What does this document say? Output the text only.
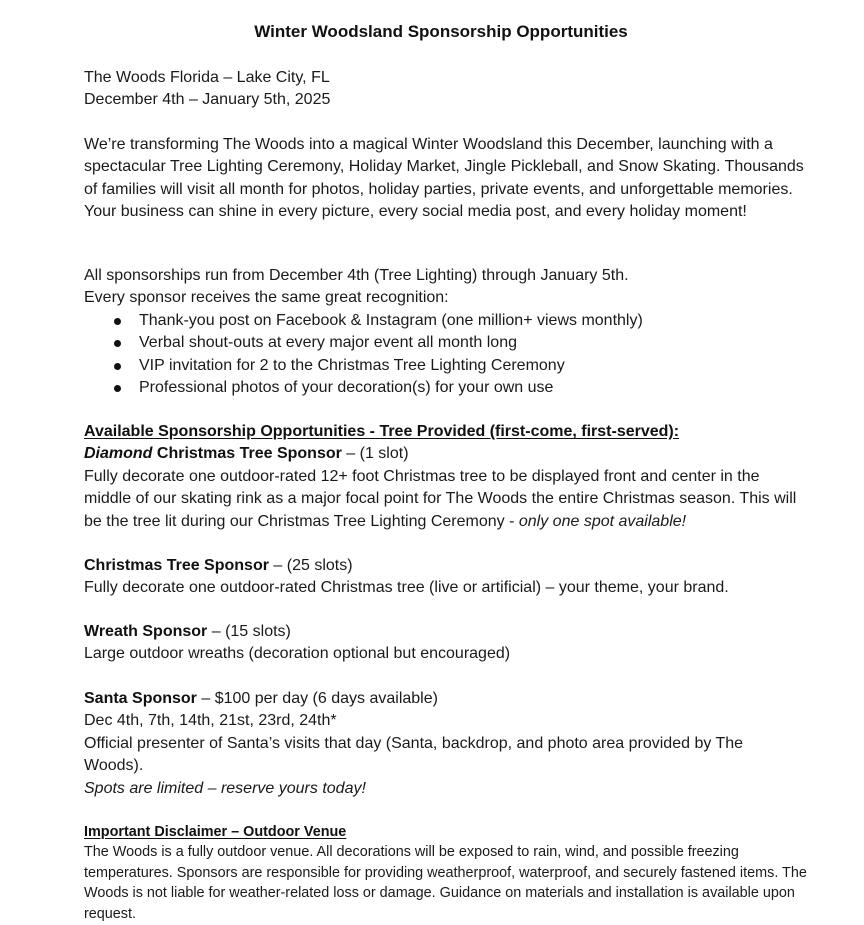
Winter Woodsland Sponsorship Opportunities
The Woods Florida – Lake City, FL
December 4th – January 5th, 2025
We’re transforming The Woods into a magical Winter Woodsland this December, launching with a spectacular Tree Lighting Ceremony, Holiday Market, Jingle Pickleball, and Snow Skating. Thousands of families will visit all month for photos, holiday parties, private events, and unforgettable memories. Your business can shine in every picture, every social media post, and every holiday moment!
All sponsorships run from December 4th (Tree Lighting) through January 5th.
Every sponsor receives the same great recognition:
Thank-you post on Facebook & Instagram (one million+ views monthly)
Verbal shout-outs at every major event all month long
VIP invitation for 2 to the Christmas Tree Lighting Ceremony
Professional photos of your decoration(s) for your own use
Available Sponsorship Opportunities - Tree Provided (first-come, first-served):
Diamond Christmas Tree Sponsor – (1 slot)
Fully decorate one outdoor-rated 12+ foot Christmas tree to be displayed front and center in the middle of our skating rink as a major focal point for The Woods the entire Christmas season. This will be the tree lit during our Christmas Tree Lighting Ceremony - only one spot available!
Christmas Tree Sponsor – (25 slots)
Fully decorate one outdoor-rated Christmas tree (live or artificial) – your theme, your brand.
Wreath Sponsor – (15 slots)
Large outdoor wreaths (decoration optional but encouraged)
Santa Sponsor – $100 per day (6 days available)
Dec 4th, 7th, 14th, 21st, 23rd, 24th*
Official presenter of Santa’s visits that day (Santa, backdrop, and photo area provided by The Woods).
Spots are limited – reserve yours today!
Important Disclaimer – Outdoor Venue
The Woods is a fully outdoor venue. All decorations will be exposed to rain, wind, and possible freezing temperatures. Sponsors are responsible for providing weatherproof, waterproof, and securely fastened items. The Woods is not liable for weather-related loss or damage. Guidance on materials and installation is available upon request.
